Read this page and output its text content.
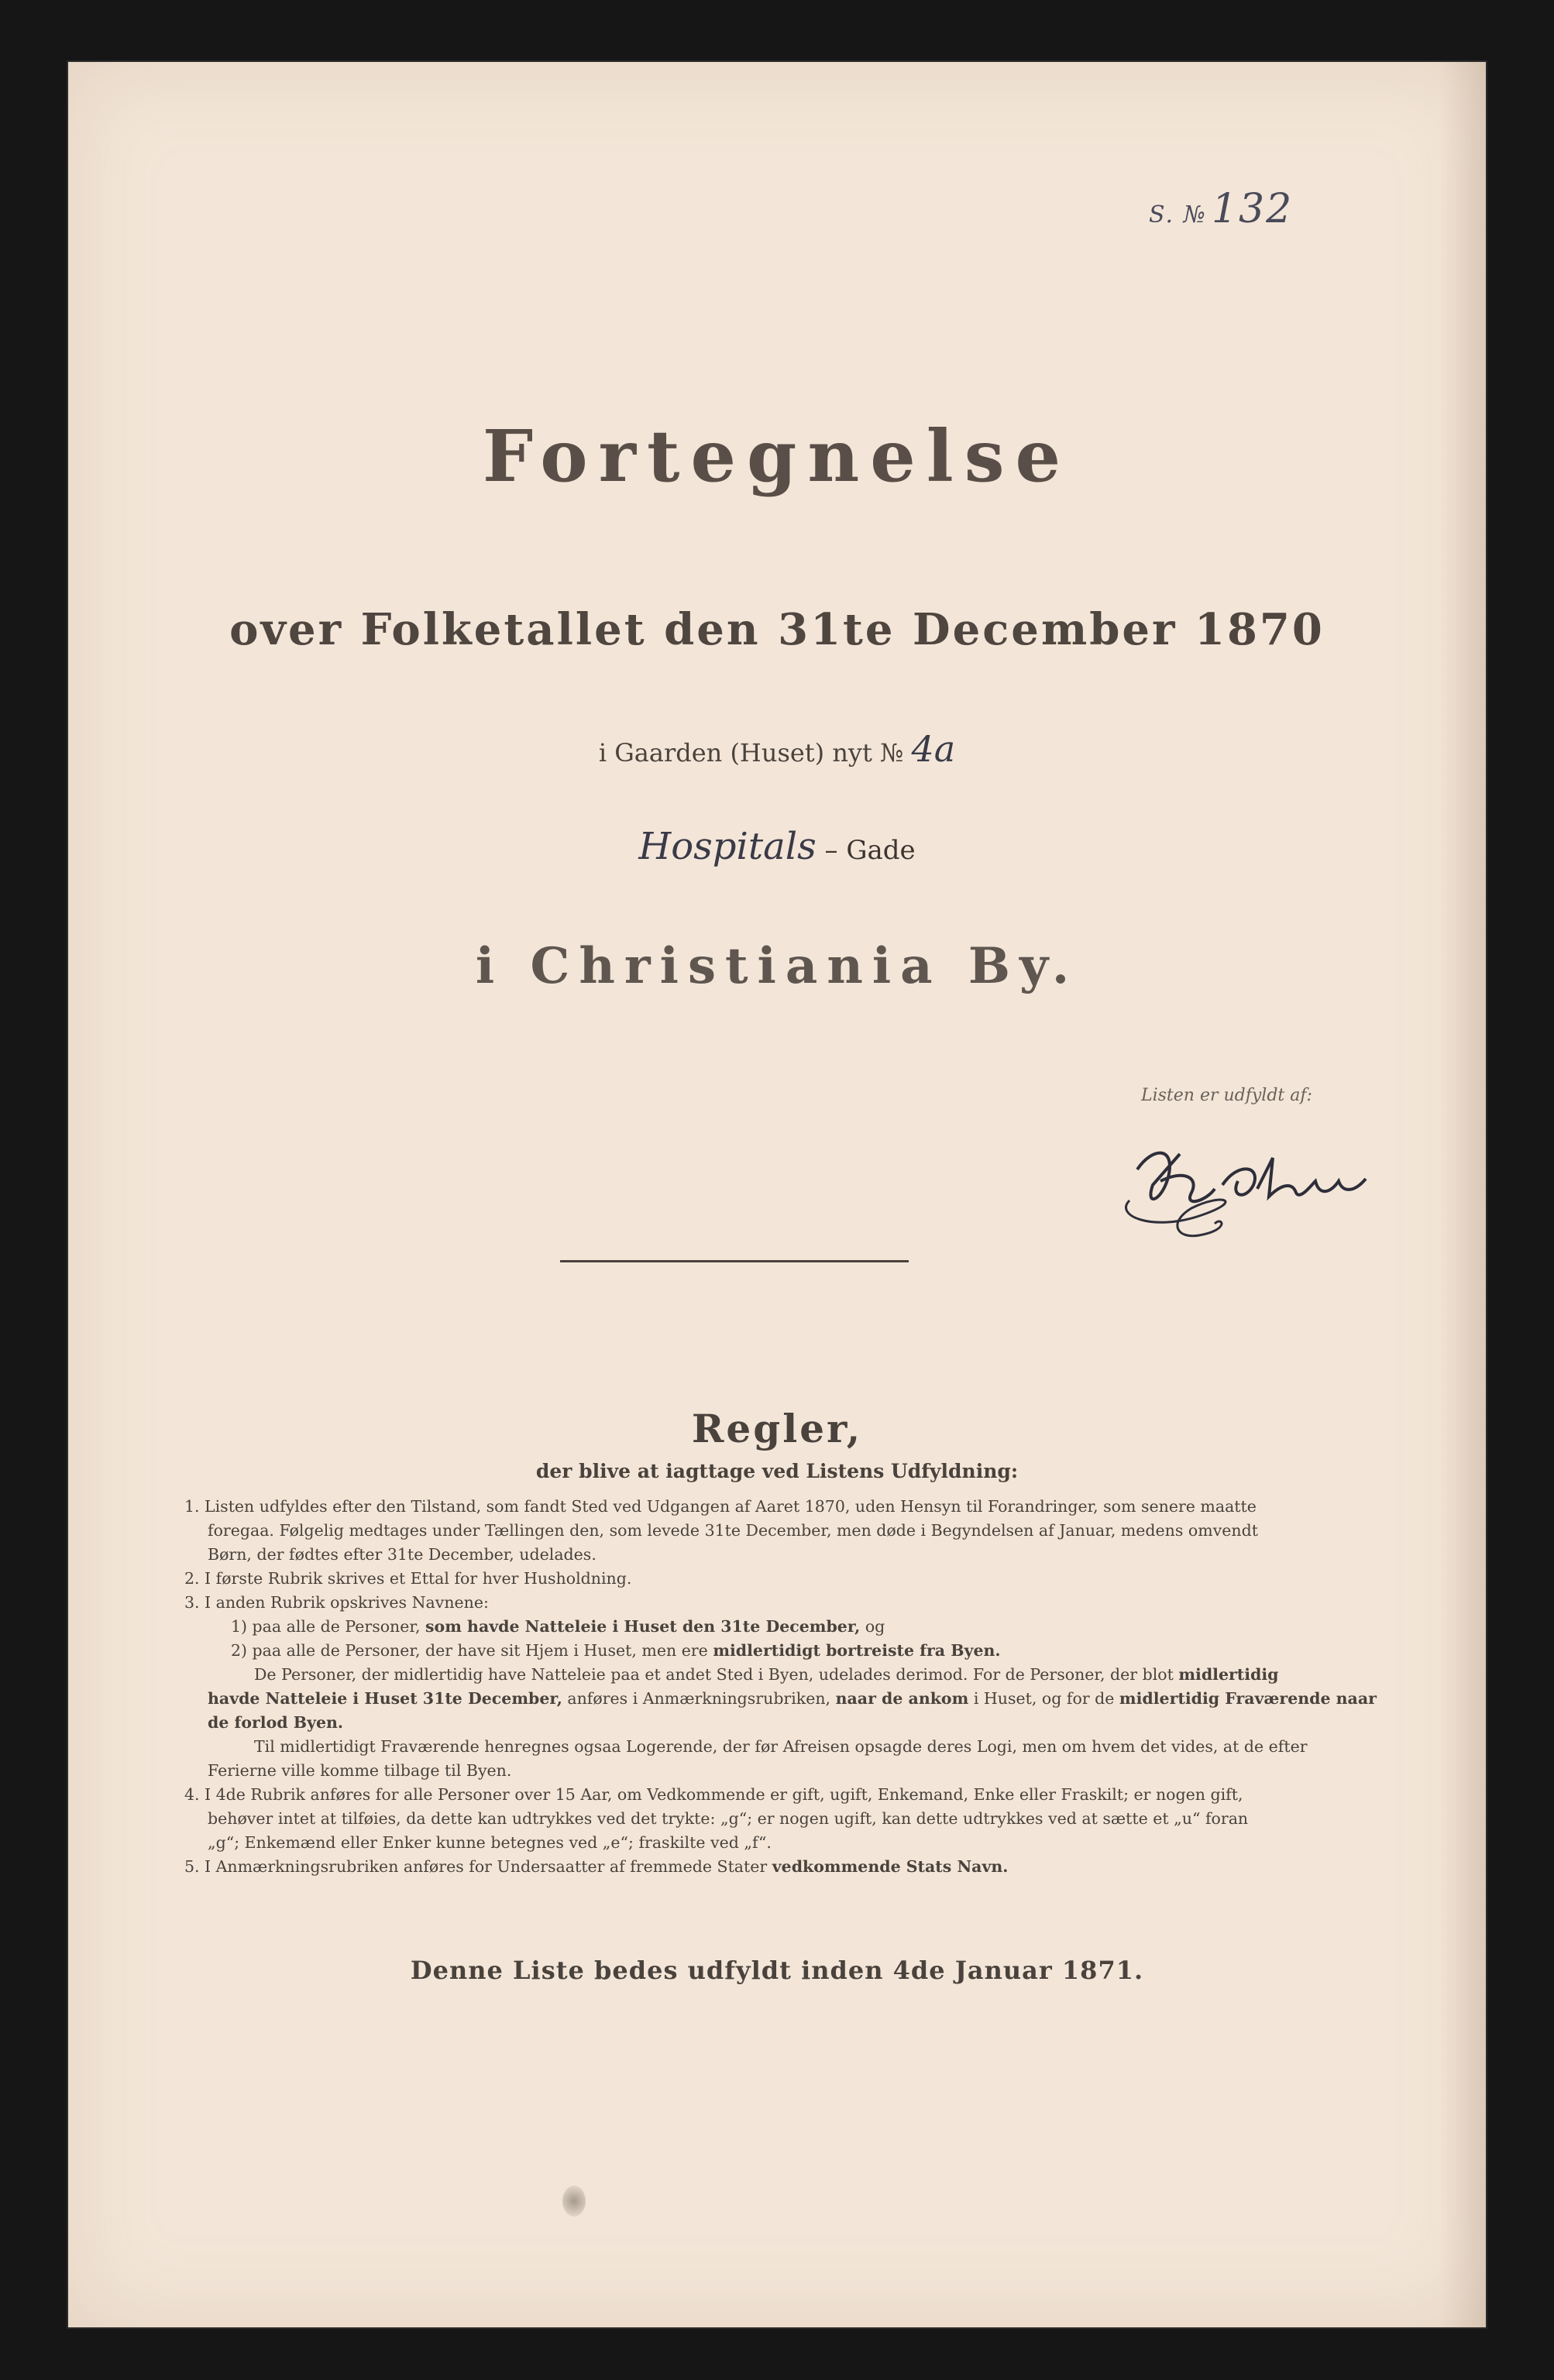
S. № 132
Fortegnelse
over Folketallet den 31te December 1870
i Gaarden (Huset) nyt № 4a
Hospitals – Gade
i Christiania By.
Listen er udfyldt af:
Regler,
der blive at iagttage ved Listens Udfyldning:

1. Listen udfyldes efter den Tilstand, som fandt Sted ved Udgangen af Aaret 1870, uden Hensyn til Forandringer, som senere maatte

foregaa. Følgelig medtages under Tællingen den, som levede 31te December, men døde i Begyndelsen af Januar, medens omvendt

Børn, der fødtes efter 31te December, udelades.

2. I første Rubrik skrives et Ettal for hver Husholdning.

3. I anden Rubrik opskrives Navnene:

1) paa alle de Personer, som havde Natteleie i Huset den 31te December, og

2) paa alle de Personer, der have sit Hjem i Huset, men ere midlertidigt bortreiste fra Byen.

De Personer, der midlertidig have Natteleie paa et andet Sted i Byen, udelades derimod. For de Personer, der blot midlertidig

havde Natteleie i Huset 31te December, anføres i Anmærkningsrubriken, naar de ankom i Huset, og for de midlertidig Fraværende naar

de forlod Byen.

Til midlertidigt Fraværende henregnes ogsaa Logerende, der før Afreisen opsagde deres Logi, men om hvem det vides, at de efter

Ferierne ville komme tilbage til Byen.

4. I 4de Rubrik anføres for alle Personer over 15 Aar, om Vedkommende er gift, ugift, Enkemand, Enke eller Fraskilt; er nogen gift,

behøver intet at tilføies, da dette kan udtrykkes ved det trykte: „g“; er nogen ugift, kan dette udtrykkes ved at sætte et „u“ foran

„g“; Enkemænd eller Enker kunne betegnes ved „e“; fraskilte ved „f“.

5. I Anmærkningsrubriken anføres for Undersaatter af fremmede Stater vedkommende Stats Navn.

Denne Liste bedes udfyldt inden 4de Januar 1871.
